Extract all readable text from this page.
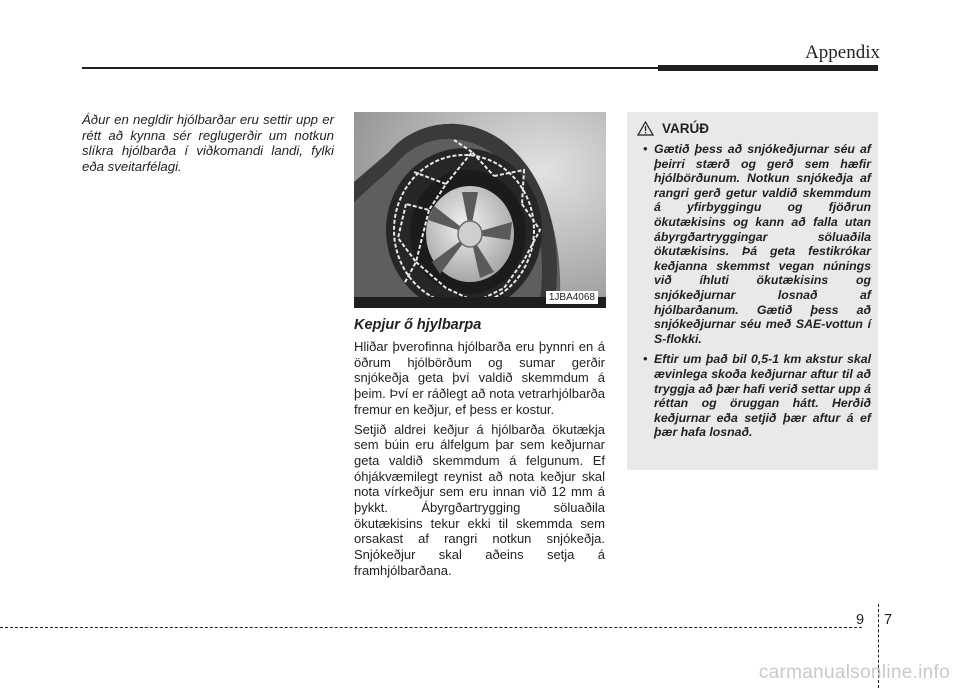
Appendix
Áður en negldir hjólbarðar eru settir upp er rétt að kynna sér reglugerðir um notkun slíkra hjólbarða í viðkomandi landi, fylki eða sveitarfélagi.
1JBA4068
Kepjur ő hjylbarpa

Hliðar þverofinna hjólbarða eru þynnri en á öðrum hjólbörðum og sumar gerðir snjókeðja geta því valdið skemmdum á þeim. Því er ráðlegt að nota vetrarhjólbarða fremur en keðjur, ef þess er kostur.

Setjið aldrei keðjur á hjólbarða ökutækja sem búin eru álfelgum þar sem keðjurnar geta valdið skemmdum á felgunum. Ef óhjákvæmilegt reynist að nota keðjur skal nota vírkeðjur sem eru innan við 12 mm á þykkt. Ábyrgðartrygging söluaðila ökutækisins tekur ekki til skemmda sem orsakast af rangri notkun snjókeðja. Snjókeðjur skal aðeins setja á framhjólbarðana.

VARÚÐ
• Gætið þess að snjókeðjurnar séu af þeirri stærð og gerð sem hæfir hjólbörðunum. Notkun snjókeðja af rangri gerð getur valdið skemmdum á yfirbyggingu og fjöðrun ökutækisins og kann að falla utan ábyrgðartryggingar söluaðila ökutækisins. Þá geta festikrókar keðjanna skemmst vegan núnings við íhluti ökutækisins og snjókeðjurnar losnað af hjólbarðanum. Gætið þess að snjókeðjurnar séu með SAE-vottun í S-flokki.
• Eftir um það bil 0,5-1 km akstur skal ævinlega skoða keðjurnar aftur til að tryggja að þær hafi verið settar upp á réttan og öruggan hátt. Herðið keðjurnar eða setjið þær aftur á ef þær hafa losnað.
9 7
carmanualsonline.info
